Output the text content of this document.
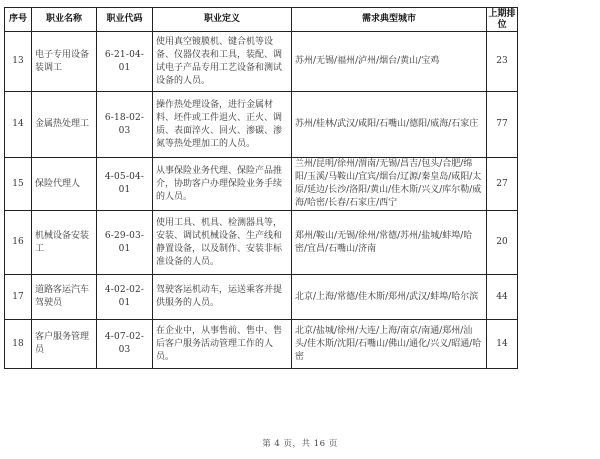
序号	职业名称	职业代码	职业定义	需求典型城市	上期排位
13	电子专用设备装调工	6-21-04-01	使用真空镀膜机、键合机等设备、仪器仪表和工具，装配、调试电子产品专用工艺设备和测试设备的人员。	苏州/无锡/福州/泸州/烟台/黄山/宝鸡	23
14	金属热处理工	6-18-02-03	操作热处理设备，进行金属材料、坯件或工件退火、正火、调质、表面淬火、回火、渗碳、渗氮等热处理加工的人员。	苏州/桂林/武汉/咸阳/石嘴山/德阳/威海/石家庄	77
15	保险代理人	4-05-04-01	从事保险业务代理、保险产品推介，协助客户办理保险业务手续的人员。	兰州/昆明/徐州/渭南/无锡/昌吉/包头/合肥/绵阳/玉溪/马鞍山/宜宾/烟台/辽源/秦皇岛/咸阳/太原/延边/长沙/洛阳/黄山/佳木斯/兴义/库尔勒/威海/哈密/长春/石家庄/西宁	27
16	机械设备安装工	6-29-03-01	使用工具、机具、检测器具等，安装、调试机械设备、生产线和静置设备，以及制作、安装非标准设备的人员。	郑州/鞍山/无锡/徐州/常德/苏州/盐城/蚌埠/哈密/宜昌/石嘴山/济南	20
17	道路客运汽车驾驶员	4-02-02-01	驾驶客运机动车，运送乘客并提供服务的人员。	北京/上海/常德/佳木斯/郑州/武汉/蚌埠/哈尔滨	44
18	客户服务管理员	4-07-02-03	在企业中，从事售前、售中、售后客户服务活动管理工作的人员。	北京/盐城/徐州/大连/上海/南京/南通/郑州/汕头/佳木斯/沈阳/石嘴山/佛山/通化/兴义/昭通/哈密	14
第 4 页，共 16 页
